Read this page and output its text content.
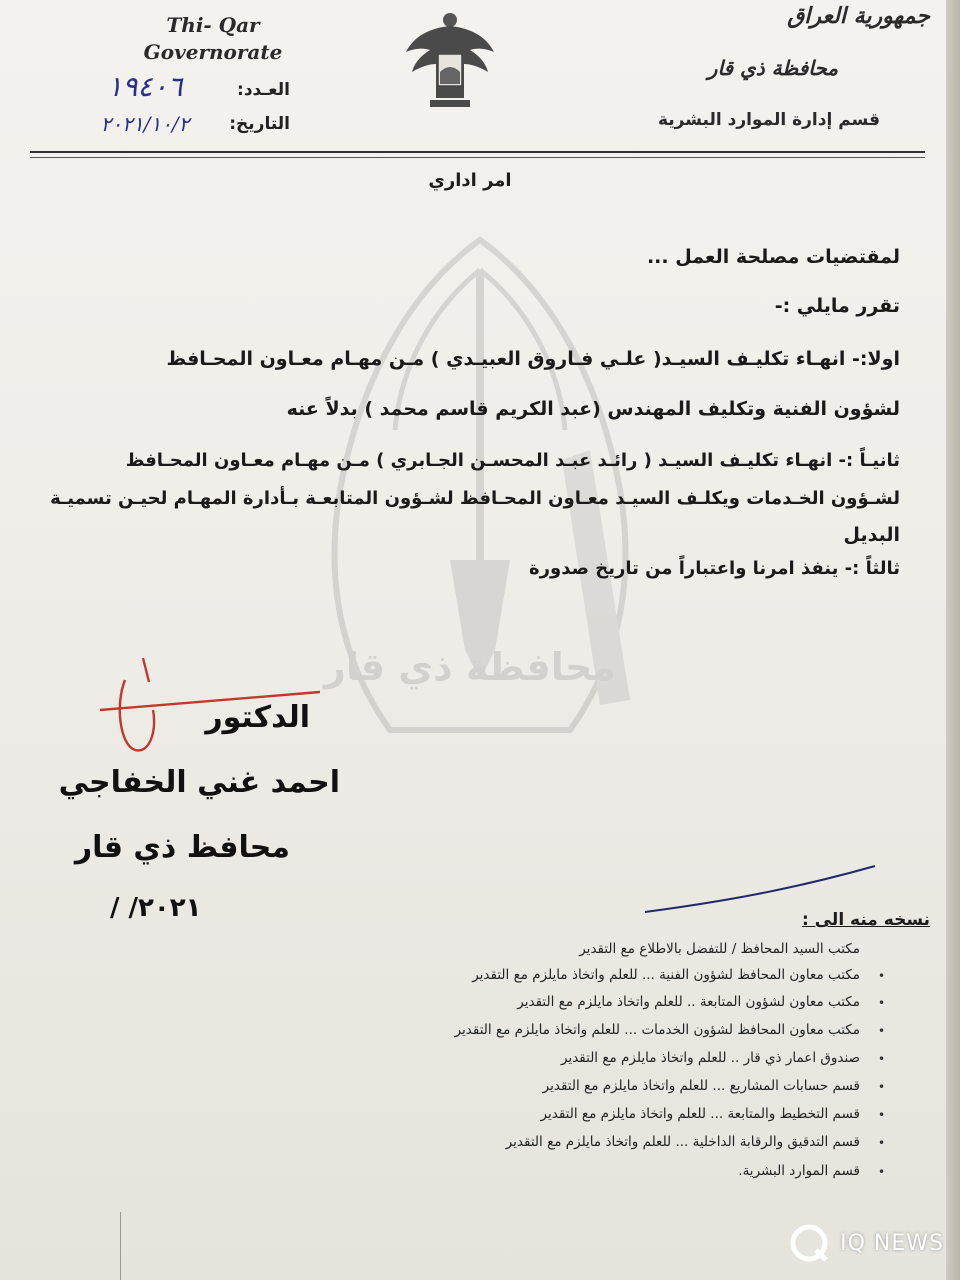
محافظة ذي قار
Thi- Qar Governorate
العـدد:
١٩٤٠٦
التاريخ:
٢٠٢١/١٠/٢
جمهورية العراق
محافظة ذي قار
قسم إدارة الموارد البشرية
امر اداري
لمقتضيات مصلحة العمل ...
تقرر مايلي :-
اولا:- انهـاء تكليـف السيـد( علـي فـاروق العبيـدي ) مـن مهـام معـاون المحـافظ
لشؤون الفنية وتكليف المهندس (عبد الكريم قاسم محمد ) بدلاً عنه
ثانيـاً :- انهـاء تكليـف السيـد ( رائـد عبـد المحسـن الجـابري ) مـن مهـام معـاون المحـافظ
لشـؤون الخـدمات ويكلـف السيـد معـاون المحـافظ لشـؤون المتابعـة بـأدارة المهـام لحيـن تسميـة
البديل
ثالثاً :- ينفذ امرنا واعتباراً من تاريخ صدورة
الدكتور
احمد غني الخفاجي
محافظ ذي قار
/ /٢٠٢١	نسخه منه الى :
مكتب السيد المحافظ / للتفضل بالاطلاع مع التقدير
•
مكتب معاون المحافظ لشؤون الفنية ... للعلم واتخاذ مايلزم مع التقدير
•
مكتب معاون لشؤون المتابعة .. للعلم واتخاذ مايلزم مع التقدير
•
مكتب معاون المحافظ لشؤون الخدمات ... للعلم واتخاذ مايلزم مع التقدير
•
صندوق اعمار ذي قار .. للعلم واتخاذ مايلزم مع التقدير
•
قسم حسابات المشاريع ... للعلم واتخاذ مايلزم مع التقدير
•
قسم التخطيط والمتابعة ... للعلم واتخاذ مايلزم مع التقدير
•
قسم التدقيق والرقابة الداخلية ... للعلم واتخاذ مايلزم مع التقدير
•
قسم الموارد البشرية.
IQ NEWS
